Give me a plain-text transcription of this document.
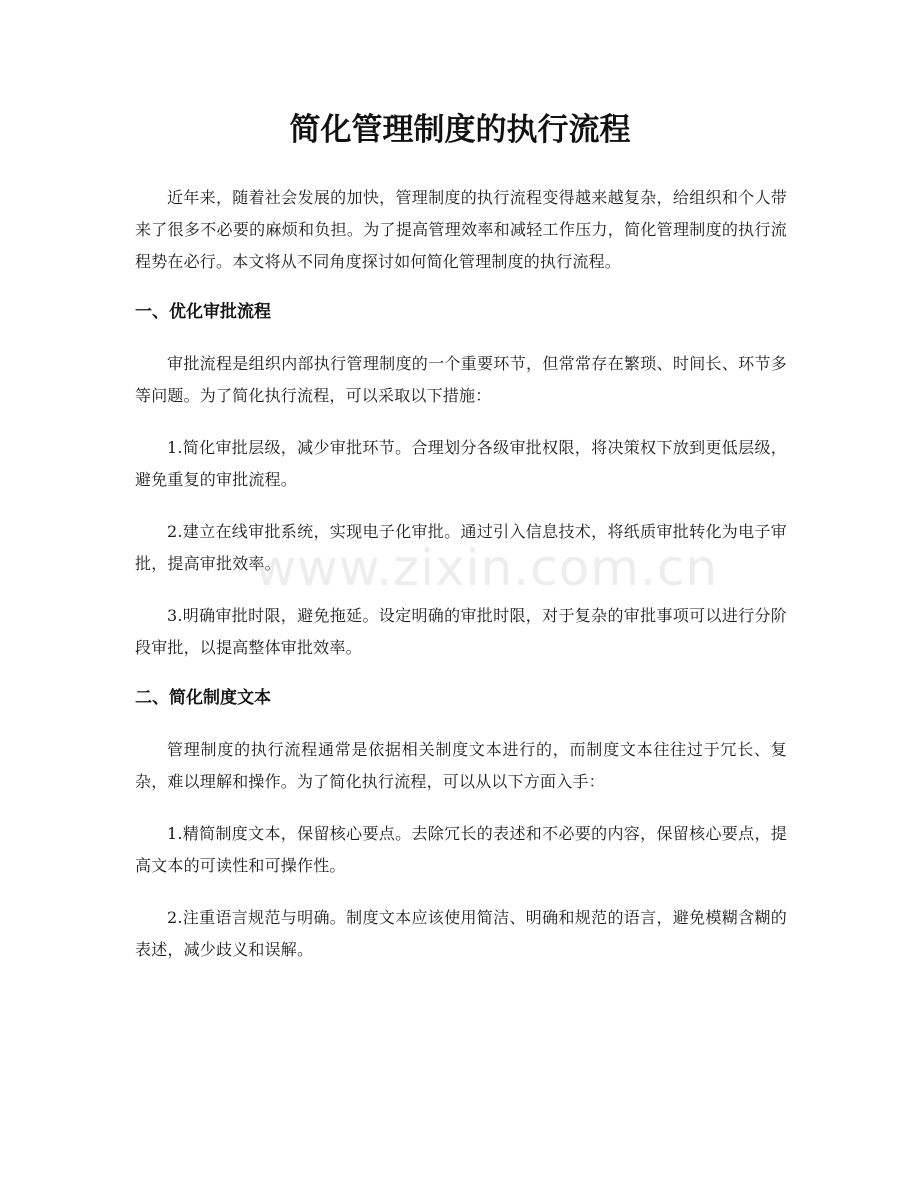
简化管理制度的执行流程

近年来，随着社会发展的加快，管理制度的执行流程变得越来越复杂，给组织和个人带来了很多不必要的麻烦和负担。为了提高管理效率和减轻工作压力，简化管理制度的执行流程势在必行。本文将从不同角度探讨如何简化管理制度的执行流程。

一、优化审批流程

审批流程是组织内部执行管理制度的一个重要环节，但常常存在繁琐、时间长、环节多等问题。为了简化执行流程，可以采取以下措施：

1.简化审批层级，减少审批环节。合理划分各级审批权限，将决策权下放到更低层级，避免重复的审批流程。

2.建立在线审批系统，实现电子化审批。通过引入信息技术，将纸质审批转化为电子审批，提高审批效率。

3.明确审批时限，避免拖延。设定明确的审批时限，对于复杂的审批事项可以进行分阶段审批，以提高整体审批效率。

二、简化制度文本

管理制度的执行流程通常是依据相关制度文本进行的，而制度文本往往过于冗长、复杂，难以理解和操作。为了简化执行流程，可以从以下方面入手：

1.精简制度文本，保留核心要点。去除冗长的表述和不必要的内容，保留核心要点，提高文本的可读性和可操作性。

2.注重语言规范与明确。制度文本应该使用简洁、明确和规范的语言，避免模糊含糊的表述，减少歧义和误解。

www.zixin.com.cn
